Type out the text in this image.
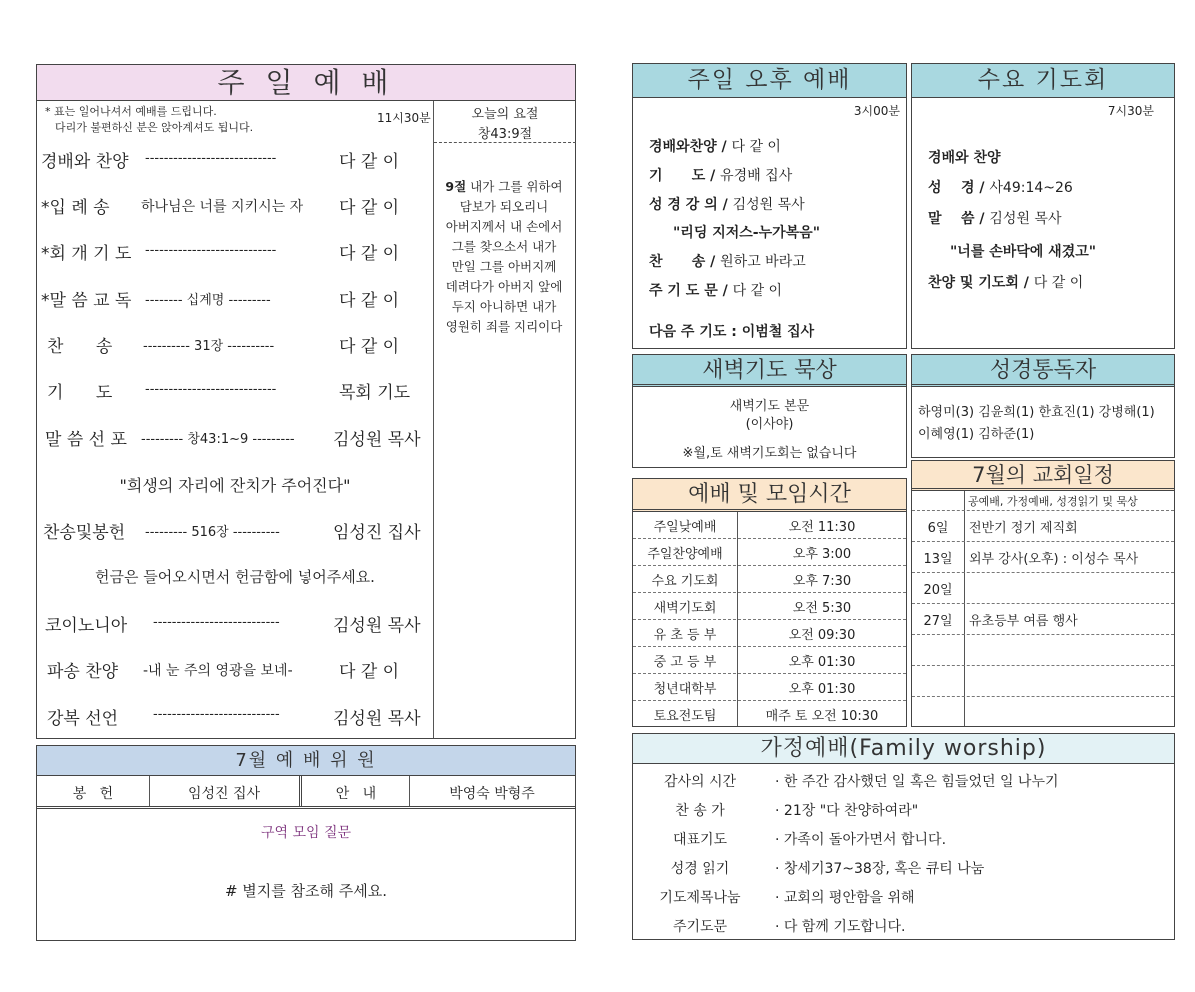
주 일 예 배
* 표는 일어나셔서 예배를 드립니다.
다리가 불편하신 분은 앉아계셔도 됩니다.
11시30분	오늘의 요절
창43:9절
9절 내가 그를 위하여
담보가 되오리니
아버지께서 내 손에서
그를 찾으소서 내가
만일 그를 아버지께
데려다가 아버지 앞에
두지 아니하면 내가
영원히 죄를 지리이다
경배와 찬양 ----------------------------	다 같 이
*입 례 송 하나님은 너를 지키시는 자 다 같 이
*회 개 기 도 ----------------------------	다 같 이
*말 씀 교 독 -------- 십계명 ---------	다 같 이
찬      송 ---------- 31장 ----------	다 같 이
기      도	----------------------------	목회 기도
말 씀 선 포 --------- 창43:1~9 --------- 김성원 목사
"희생의 자리에 잔치가 주어진다"
찬송및봉헌 --------- 516장 ----------	임성진 집사
헌금은 들어오시면서 헌금함에 넣어주세요.
코이노니아 ---------------------------	김성원 목사
파송 찬양 -내 눈 주의 영광을 보네-	다 같 이
강복 선언	---------------------------	김성원 목사
7월 예 배 위 원
봉   헌	임성진 집사	안   내	박영숙 박형주
구역 모임 질문
# 별지를 참조해 주세요.
주일 오후 예배
3시00분
경배와찬양 / 다 같 이
기      도 / 유경배 집사
성 경 강 의 / 김성원 목사
"리딩 지저스-누가복음"
찬      송 / 원하고 바라고
주 기 도 문 / 다 같 이
다음 주 기도 : 이범철 집사
수요 기도회
7시30분
경배와 찬양
성    경 / 사49:14~26
말    씀 / 김성원 목사
"너를 손바닥에 새겼고"
찬양 및 기도회 / 다 같 이
새벽기도 묵상
새벽기도 본문
(이사야)
※월,토 새벽기도회는 없습니다
성경통독자
하영미(3) 김윤희(1) 한효진(1) 강병해(1)
이혜영(1) 김하준(1)
예배 및 모임시간
주일낮예배	오전 11:30
주일찬양예배	오후 3:00
수요 기도회	오후 7:30
새벽기도회	오전 5:30
유 초 등 부	오전 09:30
중 고 등 부	오후 01:30
청년대학부	오후 01:30
토요전도팀	매주 토 오전 10:30
7월의 교회일정
공예배, 가정예배, 성경읽기 및 묵상
6일	전반기 정기 제직회
13일	외부 강사(오후) : 이성수 목사
20일
27일	유초등부 여름 행사
가정예배(Family worship)
감사의 시간	· 한 주간 감사했던 일 혹은 힘들었던 일 나누기
찬 송 가	· 21장 "다 찬양하여라"
대표기도	· 가족이 돌아가면서 합니다.
성경 읽기	· 창세기37~38장, 혹은 큐티 나눔
기도제목나눔	· 교회의 평안함을 위해
주기도문	· 다 함께 기도합니다.
